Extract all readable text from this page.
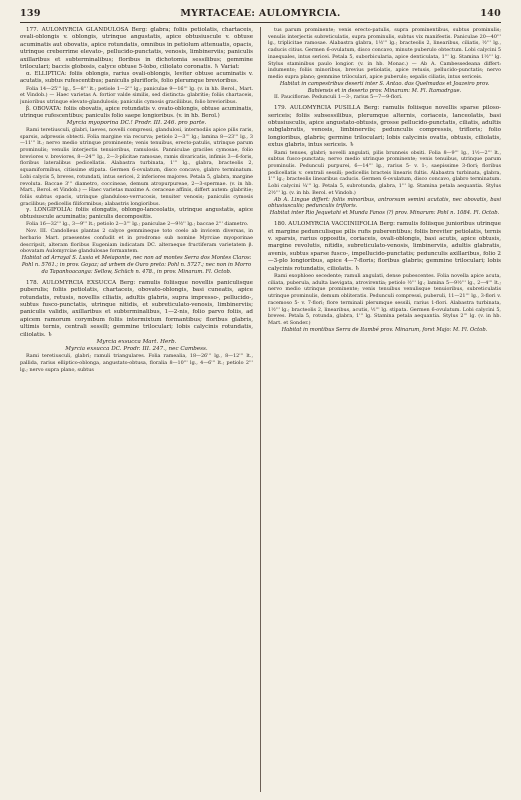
139	MYRTACEAE: AULOMYRCIA.	140

177. AULOMYRCIA GLANDULOSA Berg: glabra; foliis petiolatis, chartaceis, ovali-oblongis v. oblongis, utrinque angustatis, apice obtusiuscule v. obtuse acuminatis aut obovatis, apice rotundatis, omnibus in petiolum attenuatis, opacis, utrinque creberrime elevato-, pellucido-punctatis, venosis, limbinerviis; paniculis axillaribus et subterminalibus; floribus in dichotomia sessilibus; gemmine triloculari; baccis globosis, calyce obtuse 5-lobo, ciliolato coronatis. ♄ Variat:

α. ELLIPTICA: foliis oblongis, rarius ovali-oblongis, leviter obtuse acuminatis v. acutatis, subtus rufescentibus; paniculis pluriflorls, folio plerumque brevioribus.

Folia 14—25''' lg., 5—8''' lt.; petiole 1—2''' lg.; paniculae 9—16''' lg. (v. in hb. Berol., Mart. et Vindob.) — Haec varietas A. fortior valde similis, sed distincta: glabritie; foliis chartaceis, junioribus utrinque elevato-glandulosis; paniculis cymosis graciliibus, folio brevioribus.

β. OBOVATA: foliis obovatis, apice rotundatis v. ovato-oblongis, obtuse acuminatis, utrinque rufescentibus; paniculis folio saepe longioribus. (v. in hb. Berol.)

Myrcia myoporina DC.! Prodr. III. 246. pro parte.

Rami teretiusculi, glabri, laeves, novelli compressi, glandulosi, internodiis apice pilis raris, sparsis, adpressis obtecti. Folia margine via recurva; petiolo 2—3''' lg.; lamina 8—23''' lg., 3—11''' lt.; nervo medio utrinque prominente; venis tenuibus, erecto-patulis, utrinque parum prominulis; venulis interjectis tenuioribus, ramulosis. Panniculae graciles cymosae, folio breviores v. breviores, 8—24''' lg., 2—3-plicitae ramosae, ramis divaricatis, infimis 3—6-foris, floribus lateralibus pedicellatis. Alabastra turbinata, 1''' lg., glabra, bracteolis 2, squamiformibus, citissime stipata. Germen 6-ovulatum, disco concavo, glabro terminatum. Lobi calycis 5, breves, rotundati, intus sericei, 2 inferiores majores. Petala 5, glabra, margine revoluta. Baccae 3''' diametro, coccineae, demum atropurpureae, 2—3-spermae. (v. in hb. Mart., Berol. et Vindob.) — Haec varietas maxime A. ceraceae affinis, differt autem: glabritie; foliis subtus opacis, utrinque glanduloso-verrucosis, tenuiter venosis; paniculis cymosis gracilibus; pedicellis filiformibus; alabastris longioribus.

γ. LONGIFOLIA: foliis elongatis, oblongo-lanceolatis, utrinque angustatis, apice obtusiuscule acuminatis; paniculis decompositis.

Folia 16—32''' lg., 3—9''' lt.; petiolo 2—3''' lg.; paniculae 2—9½'' lg.; baccae 2''' diametro.

Nov. III. Candolleus plantas 2 calyce gemmineque toto coelo ab invicem diversas, in herbario Mart. praesentes confudit et in prodromo sub nomine Myrciae myoporinae descripsit, alteram floribus Eugeniam indicatam DC. alteraeque fructiferam varietatem β. obovatam Aulomyrciae glandulosae formantem.

Habitat ad Arrayal S. Lusia et Meiaponte, nec non ad montes Serra dos Montes Claros: Pohl n. 5761.; in prov. Goyaz; ad urbem de Ouro preto: Pohl n. 5727.; nec non in Morro da Tapanhoacanga: Sellow, Schüch n. 478., in prov. Minarum. Fl. Octob.

178. AULOMYRCIA EXSUCCA Berg: ramulis foliisque novellis paniculisque puberulis; foliis petiolatis, chartaceis, obovato-oblongis, basi cuneatis, apice rotundatis, retusis, novellis ciliatis, adultis glabris, supra impresso-, pellucido-, subtus fusco-punctatis, utrinque nitidis, et subreticulato-venosis, limbinerviis; paniculis validis, axillaribus et subterminalibus, 1—2-nis, folio parvo foliis, ad apicem ramorum corymbum foliis intermixtum formantibus; floribus glabris, ultimis ternis, centrali sessili; gemmine triloculari; lobis calycinis rotundatis, ciliolatis. ♄

Myrcia exsucca Mart. Herb.

Myrcia exsucca DC. Prodr. III. 247., nec Cambess.

Rami teretiusculi, glabri; ramuli triangulares. Folia ramealia, 18—26''' lg., 8—12''' lt., pallida, rarius elliptico-oblonga, angustato-obtusa, floralia 8—10''' lg., 4—6''' lt.; petiolo 2''' lg.; nervo supra plano, subtus

tus parum prominente; venis erecto-patulis, supra prominentibus, subtus prominulis; venulis interjectis subreticulatis, supra prominulis, subtus vix manifestis. Paniculae 20—40''' lg., triplicitae ramosae. Alabastra glabra, 1½''' lg.; bracteolis 2, linearibus, ciliatis, ½''' lg., caducis citius. Germen 6-ovulatum, disco concavo, minute puberulo obtectum. Lobi calycini 5 inaequales, intus sericei. Petala 5, suborbicularia, apice denticulata, 1''' lg. Stamina 1½''' lg. Stylus staminibus paulo longior. (v. in hb. Monac.) — Ab A. Cambessedeana differt: indumento; foliis minoribus, brevius petiolatis, apice retusis, pellucido-punctatis; nervo medio supra plano; gemmine triloculari, apice puberulo; sepalis ciliatis, intus sericeis.

Habitat in campestribus deserti inter S. Antao. das Quelmadas et Joazeiro prov. Bahiensis et in deserto prov. Minarum: M. Fl. Itamadrgue.

II. Pauciflorae. Pedunculi 1—3-, rarius 5—7—9-flori.

179. AULOMYRCIA PUSILLA Berg: ramulis foliisque novellis sparse piloso-sericeis; foliis subsessilibus, plerumque alternis, coriaceis, lanceolatis, basi obtusiusculis, apice angustato-obtusis, grosse pellucido-punctatis, ciliatis, adultis subglabratis, venosis, limbinerviis; pedunculis compressis, trifloris; folio longioribus, glabris; germine triloculari; lobis calycinis ovatis, obtusis, ciliolatis, extus glabris, intus sericeis. ♄

Rami tenues, glabri; novelli angulati, pilis brunneis obsiti. Folia 8—9''' lg., 1½—2''' lt., subtus fusco-punctata; nervo medio utrinque prominente; venis tenuibus, utrinque parum prominulis. Pedunculi purpurei, 6—14''' lg., rarius 5- v. 1-, saepissime 3-flori; floribus pedicellatis v. centrali sessili; pedicellis bracteis linearis fultis. Alabastra turbinata, glabra, 1''' lg.; bracteolis linearibus caducis. Germen 6-ovulatum, disco concavo, glabro terminatum. Lobi calycini ¼''' lg. Petala 5, subrotunda, glabra, 1''' lg. Stamina petala aequantia. Stylus 2½''' lg. (v. in hb. Berol. et Vindob.)

Ab A. Lingue differt: foliis minoribus, antrorsum semini acutatis, nec obovatis, basi obtusiusculis; pedunculis trifloris.

Habitat inter Rio Jequetahi et Munda Fanos (?) prov. Minarum: Pohl n. 1084. Fl. Octob.

180. AULOMYRCIA VACCINIIFOLIA Berg: ramulis foliisque junioribus utrinque et margine pedunculisque pilis rufis puberentibus; foliis breviter petiolatis, ternis v. sparsis, rarius oppositis, coriaceis, ovali-oblongis, basi acutis, apice obtusis, margine revolutis, nitidis, subreticulato-venosis, limbinerviis, adultis glabratis, avenis, subtus sparse fusco-, impellucido-punctatis; pedunculis axillaribus, folio 2—3-plo longioribus, apice 4—7-floris; floribus glabris; gemmine triloculari; lobis calycinis rotundatis, ciliolatis. ♄

Rami exophloeo secedente; ramuli angulati, dense pubescentes. Folia novella apice acuta, ciliata, puberula, adulta laevigata, atrovirentia; petiolo ½''' lg.; lamina 5—9½''' lg., 2—4''' lt.; nervo medio utrinque prominente; venis tenuibus venulisque tenuioribus, subreticulatis utrinque prominulis, demum obliteratis. Pedunculi compressi, puberuli, 11—21''' lg., 3-flori v. racemoso 5- v. 7-flori; flore terminali plerumque sessili, rarius 1-flori. Alabastra turbinata, 1½''' lg.; bracteolis 2, linearibus, acutis, ½''' lg. stipata. Germen 6-ovulatum. Lobi calycini 5, breves. Petala 5, rotunda, glabra, 1''' lg. Stamina petala aequantia. Stylus 2''' lg. (v. in hb. Mart. et Sonder.)

Habitat in montibus Serra de Itambé prov. Minarum, forst Majo: M. Fl. Octob.
